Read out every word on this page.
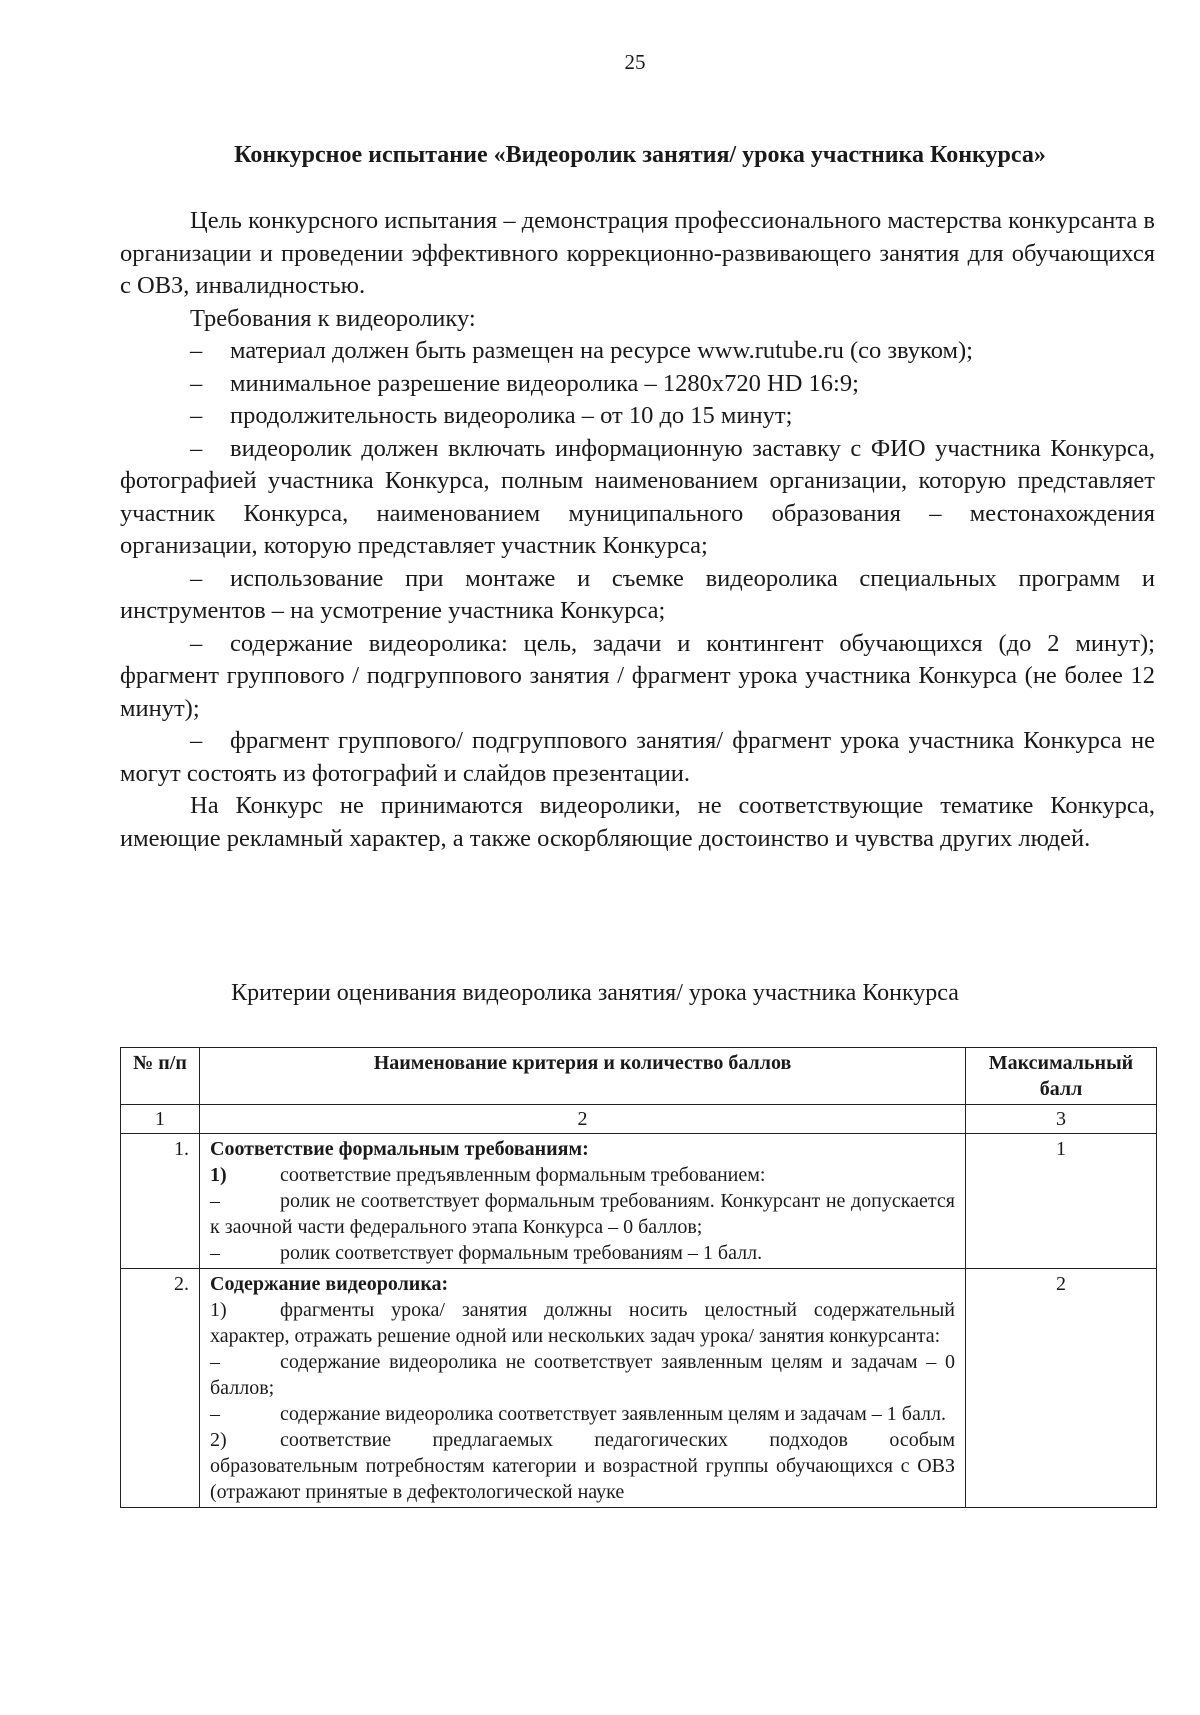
25
Конкурсное испытание «Видеоролик занятия/ урока участника Конкурса»

Цель конкурсного испытания – демонстрация профессионального мастерства конкурсанта в организации и проведении эффективного коррекционно-развивающего занятия для обучающихся с ОВЗ, инвалидностью.

Требования к видеоролику:

– материал должен быть размещен на ресурсе www.rutube.ru (со звуком);

– минимальное разрешение видеоролика – 1280x720 HD 16:9;

– продолжительность видеоролика – от 10 до 15 минут;

– видеоролик должен включать информационную заставку с ФИО участника Конкурса, фотографией участника Конкурса, полным наименованием организации, которую представляет участник Конкурса, наименованием муниципального образования – местонахождения организации, которую представляет участник Конкурса;

– использование при монтаже и съемке видеоролика специальных программ и инструментов – на усмотрение участника Конкурса;

– содержание видеоролика: цель, задачи и контингент обучающихся (до 2 минут); фрагмент группового / подгруппового занятия / фрагмент урока участника Конкурса (не более 12 минут);

– фрагмент группового/ подгруппового занятия/ фрагмент урока участника Конкурса не могут состоять из фотографий и слайдов презентации.

На Конкурс не принимаются видеоролики, не соответствующие тематике Конкурса, имеющие рекламный характер, а также оскорбляющие достоинство и чувства других людей.

Критерии оценивания видеоролика занятия/ урока участника Конкурса
№ п/п	Наименование критерия и количество баллов	Максимальный балл
1	2	3
1.	Соответствие формальным требованиям:

1) соответствие предъявленным формальным требованием:

– ролик не соответствует формальным требованиям. Конкурсант не допускается к заочной части федерального этапа Конкурса – 0 баллов;

– ролик соответствует формальным требованиям – 1 балл.	1
2.	Содержание видеоролика:

1) фрагменты урока/ занятия должны носить целостный содержательный характер, отражать решение одной или нескольких задач урока/ занятия конкурсанта:

– содержание видеоролика не соответствует заявленным целям и задачам – 0 баллов;

– содержание видеоролика соответствует заявленным целям и задачам – 1 балл.

2) соответствие предлагаемых педагогических подходов особым образовательным потребностям категории и возрастной группы обучающихся с ОВЗ (отражают принятые в дефектологической науке	2
